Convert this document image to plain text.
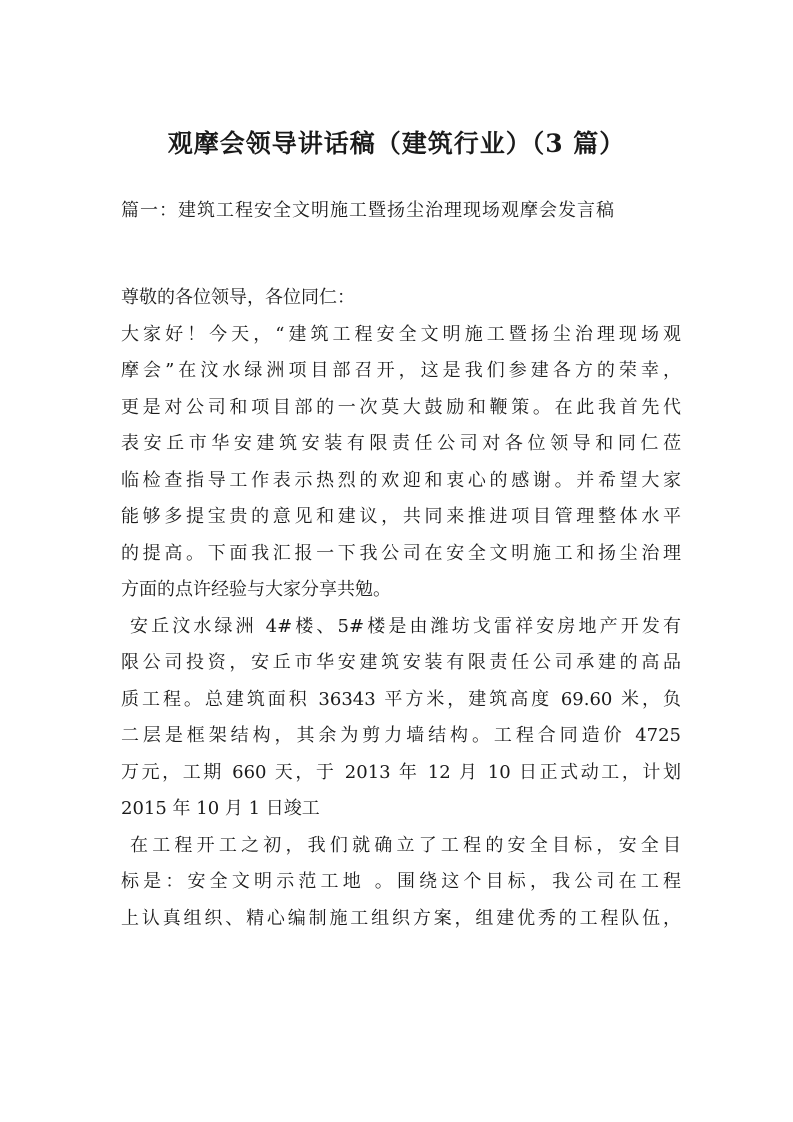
观摩会领导讲话稿（建筑行业）（3 篇）
篇一：建筑工程安全文明施工暨扬尘治理现场观摩会发言稿
尊敬的各位领导，各位同仁：
大家好！今天，“建筑工程安全文明施工暨扬尘治理现场观
摩会”在汶水绿洲项目部召开，这是我们参建各方的荣幸，
更是对公司和项目部的一次莫大鼓励和鞭策。在此我首先代
表安丘市华安建筑安装有限责任公司对各位领导和同仁莅
临检查指导工作表示热烈的欢迎和衷心的感谢。并希望大家
能够多提宝贵的意见和建议，共同来推进项目管理整体水平
的提高。下面我汇报一下我公司在安全文明施工和扬尘治理
方面的点许经验与大家分享共勉。
安丘汶水绿洲 4#楼、5#楼是由潍坊戈雷祥安房地产开发有
限公司投资，安丘市华安建筑安装有限责任公司承建的高品
质工程。总建筑面积 36343 平方米，建筑高度 69.60 米，负
二层是框架结构，其余为剪力墙结构。工程合同造价 4725
万元，工期 660 天，于 2013 年 12 月 10 日正式动工，计划
2015 年 10 月 1 日竣工
在工程开工之初，我们就确立了工程的安全目标，安全目
标是：安全文明示范工地 。围绕这个目标，我公司在工程
上认真组织、精心编制施工组织方案，组建优秀的工程队伍，
